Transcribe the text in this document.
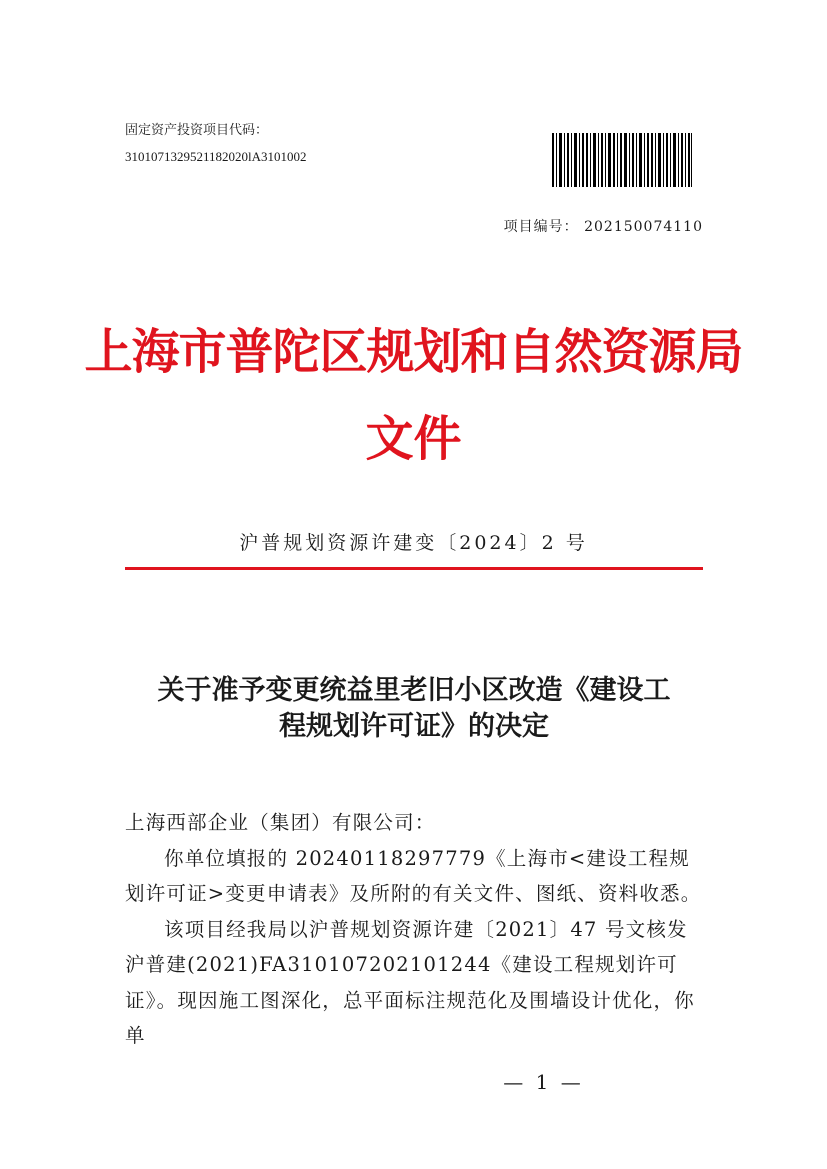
固定资产投资项目代码：
3101071329521182020lA3101002
项目编号： 202150074110
上海市普陀区规划和自然资源局
文件
沪普规划资源许建变〔2024〕2 号
关于准予变更统益里老旧小区改造《建设工
程规划许可证》的决定

上海西部企业（集团）有限公司：

你单位填报的 20240118297779《上海市<建设工程规划许可证>变更申请表》及所附的有关文件、图纸、资料收悉。

该项目经我局以沪普规划资源许建〔2021〕47 号文核发沪普建(2021)FA310107202101244《建设工程规划许可证》。现因施工图深化，总平面标注规范化及围墙设计优化，你单

— 1 —
